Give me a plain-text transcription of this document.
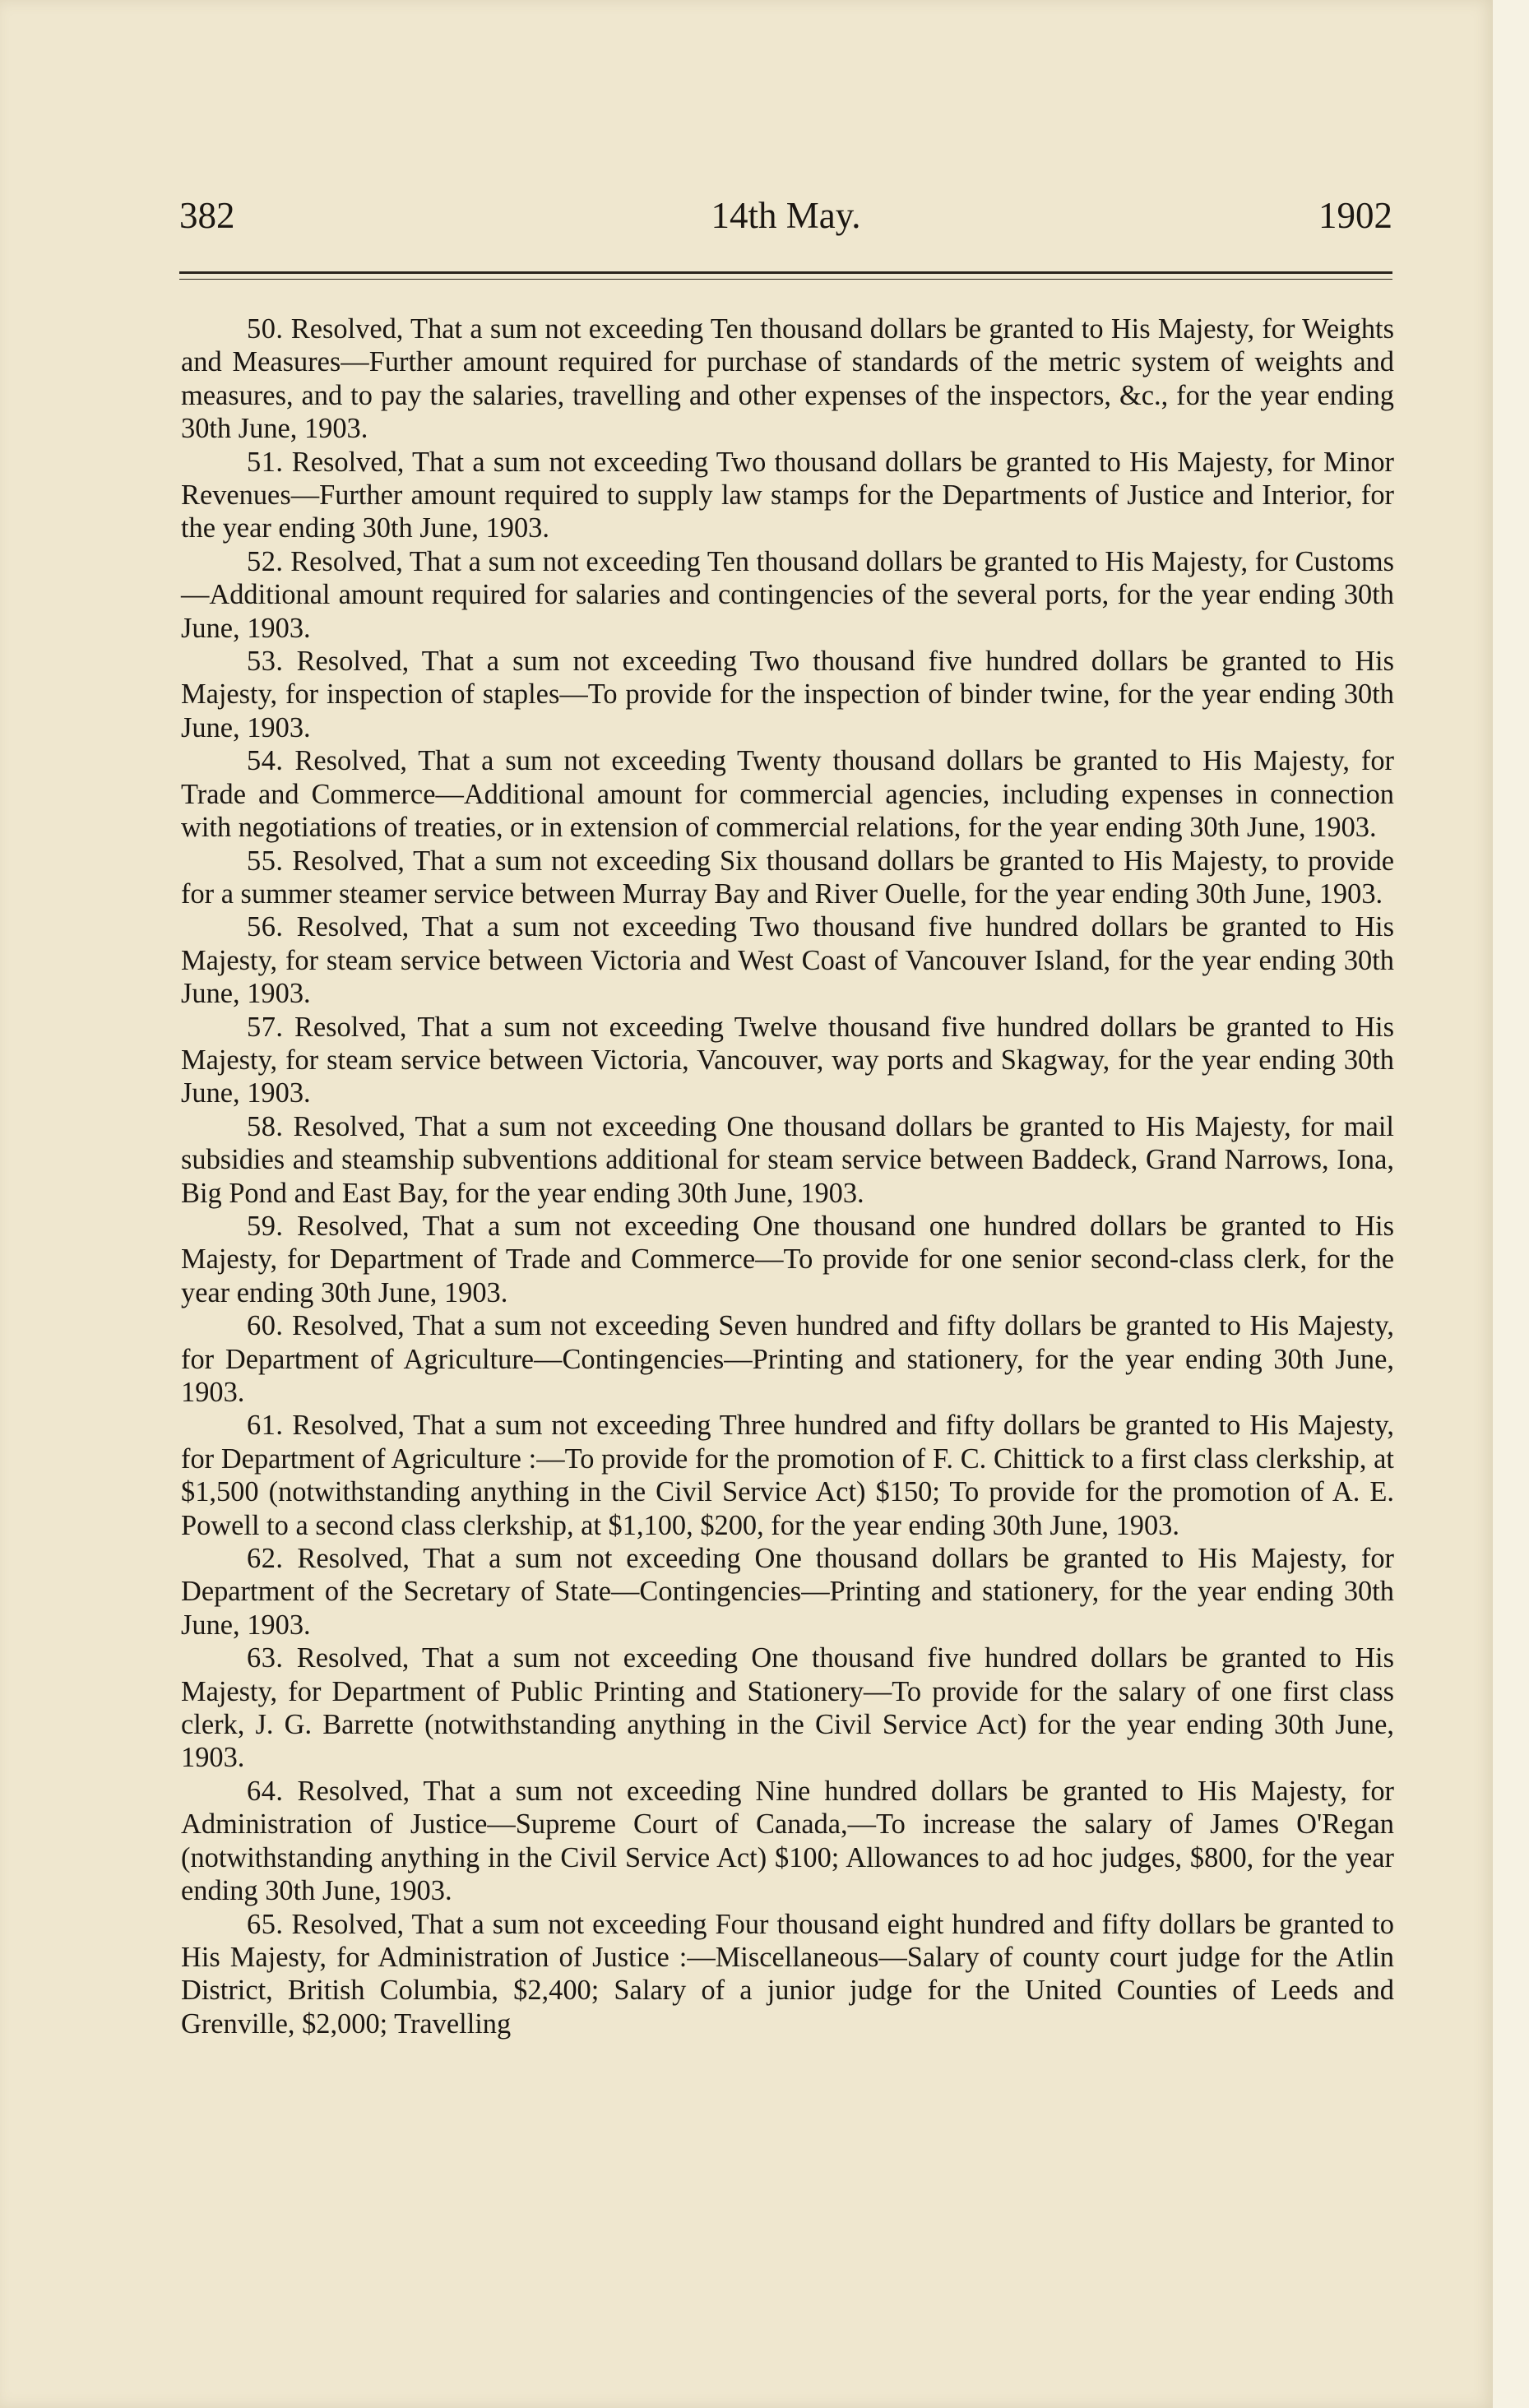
382	14th May.	1902

50. Resolved, That a sum not exceeding Ten thousand dollars be granted to His Majesty, for Weights and Measures—Further amount required for purchase of standards of the metric system of weights and measures, and to pay the salaries, travelling and other expenses of the inspectors, &c., for the year ending 30th June, 1903.

51. Resolved, That a sum not exceeding Two thousand dollars be granted to His Majesty, for Minor Revenues—Further amount required to supply law stamps for the Departments of Justice and Interior, for the year ending 30th June, 1903.

52. Resolved, That a sum not exceeding Ten thousand dollars be granted to His Majesty, for Customs—Additional amount required for salaries and contingencies of the several ports, for the year ending 30th June, 1903.

53. Resolved, That a sum not exceeding Two thousand five hundred dollars be granted to His Majesty, for inspection of staples—To provide for the inspection of binder twine, for the year ending 30th June, 1903.

54. Resolved, That a sum not exceeding Twenty thousand dollars be granted to His Majesty, for Trade and Commerce—Additional amount for commercial agencies, including expenses in connection with negotiations of treaties, or in extension of commercial relations, for the year ending 30th June, 1903.

55. Resolved, That a sum not exceeding Six thousand dollars be granted to His Majesty, to provide for a summer steamer service between Murray Bay and River Ouelle, for the year ending 30th June, 1903.

56. Resolved, That a sum not exceeding Two thousand five hundred dollars be granted to His Majesty, for steam service between Victoria and West Coast of Vancouver Island, for the year ending 30th June, 1903.

57. Resolved, That a sum not exceeding Twelve thousand five hundred dollars be granted to His Majesty, for steam service between Victoria, Vancouver, way ports and Skagway, for the year ending 30th June, 1903.

58. Resolved, That a sum not exceeding One thousand dollars be granted to His Majesty, for mail subsidies and steamship subventions additional for steam service between Baddeck, Grand Narrows, Iona, Big Pond and East Bay, for the year ending 30th June, 1903.

59. Resolved, That a sum not exceeding One thousand one hundred dollars be granted to His Majesty, for Department of Trade and Commerce—To provide for one senior second-class clerk, for the year ending 30th June, 1903.

60. Resolved, That a sum not exceeding Seven hundred and fifty dollars be granted to His Majesty, for Department of Agriculture—Contingencies—Printing and stationery, for the year ending 30th June, 1903.

61. Resolved, That a sum not exceeding Three hundred and fifty dollars be granted to His Majesty, for Department of Agriculture :—To provide for the promotion of F. C. Chittick to a first class clerkship, at $1,500 (notwithstanding anything in the Civil Service Act) $150; To provide for the promotion of A. E. Powell to a second class clerkship, at $1,100, $200, for the year ending 30th June, 1903.

62. Resolved, That a sum not exceeding One thousand dollars be granted to His Majesty, for Department of the Secretary of State—Contingencies—Printing and stationery, for the year ending 30th June, 1903.

63. Resolved, That a sum not exceeding One thousand five hundred dollars be granted to His Majesty, for Department of Public Printing and Stationery—To provide for the salary of one first class clerk, J. G. Barrette (notwithstanding anything in the Civil Service Act) for the year ending 30th June, 1903.

64. Resolved, That a sum not exceeding Nine hundred dollars be granted to His Majesty, for Administration of Justice—Supreme Court of Canada,—To increase the salary of James O'Regan (notwithstanding anything in the Civil Service Act) $100; Allowances to ad hoc judges, $800, for the year ending 30th June, 1903.

65. Resolved, That a sum not exceeding Four thousand eight hundred and fifty dollars be granted to His Majesty, for Administration of Justice :—Miscellaneous—Salary of county court judge for the Atlin District, British Columbia, $2,400; Salary of a junior judge for the United Counties of Leeds and Grenville, $2,000; Travelling
